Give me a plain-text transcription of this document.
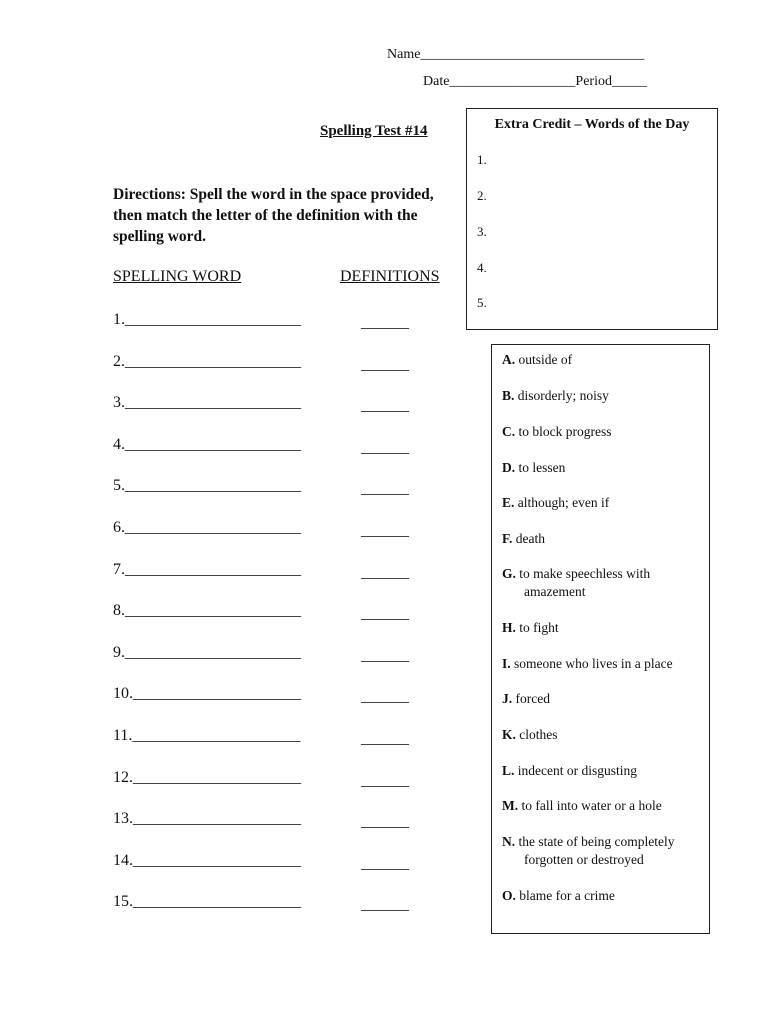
Name________________________________
Date__________________Period_____
Spelling Test #14
Directions: Spell the word in the space provided, then match the letter of the definition with the spelling word.
SPELLING WORD	DEFINITIONS
1.______________________	______
2.______________________	______
3.______________________	______
4.______________________	______
5.______________________	______
6.______________________	______
7.______________________	______
8.______________________	______
9.______________________	______
10._____________________	______
11._____________________	______
12._____________________	______
13._____________________	______
14._____________________	______
15._____________________	______
Extra Credit – Words of the Day
1.
2.
3.
4.
5.
A. outside of
B. disorderly; noisy
C. to block progress
D. to lessen
E. although; even if
F. death
G. to make speechless with
amazement
H. to fight
I. someone who lives in a place
J. forced
K. clothes
L. indecent or disgusting
M. to fall into water or a hole
N. the state of being completely
forgotten or destroyed
O. blame for a crime
